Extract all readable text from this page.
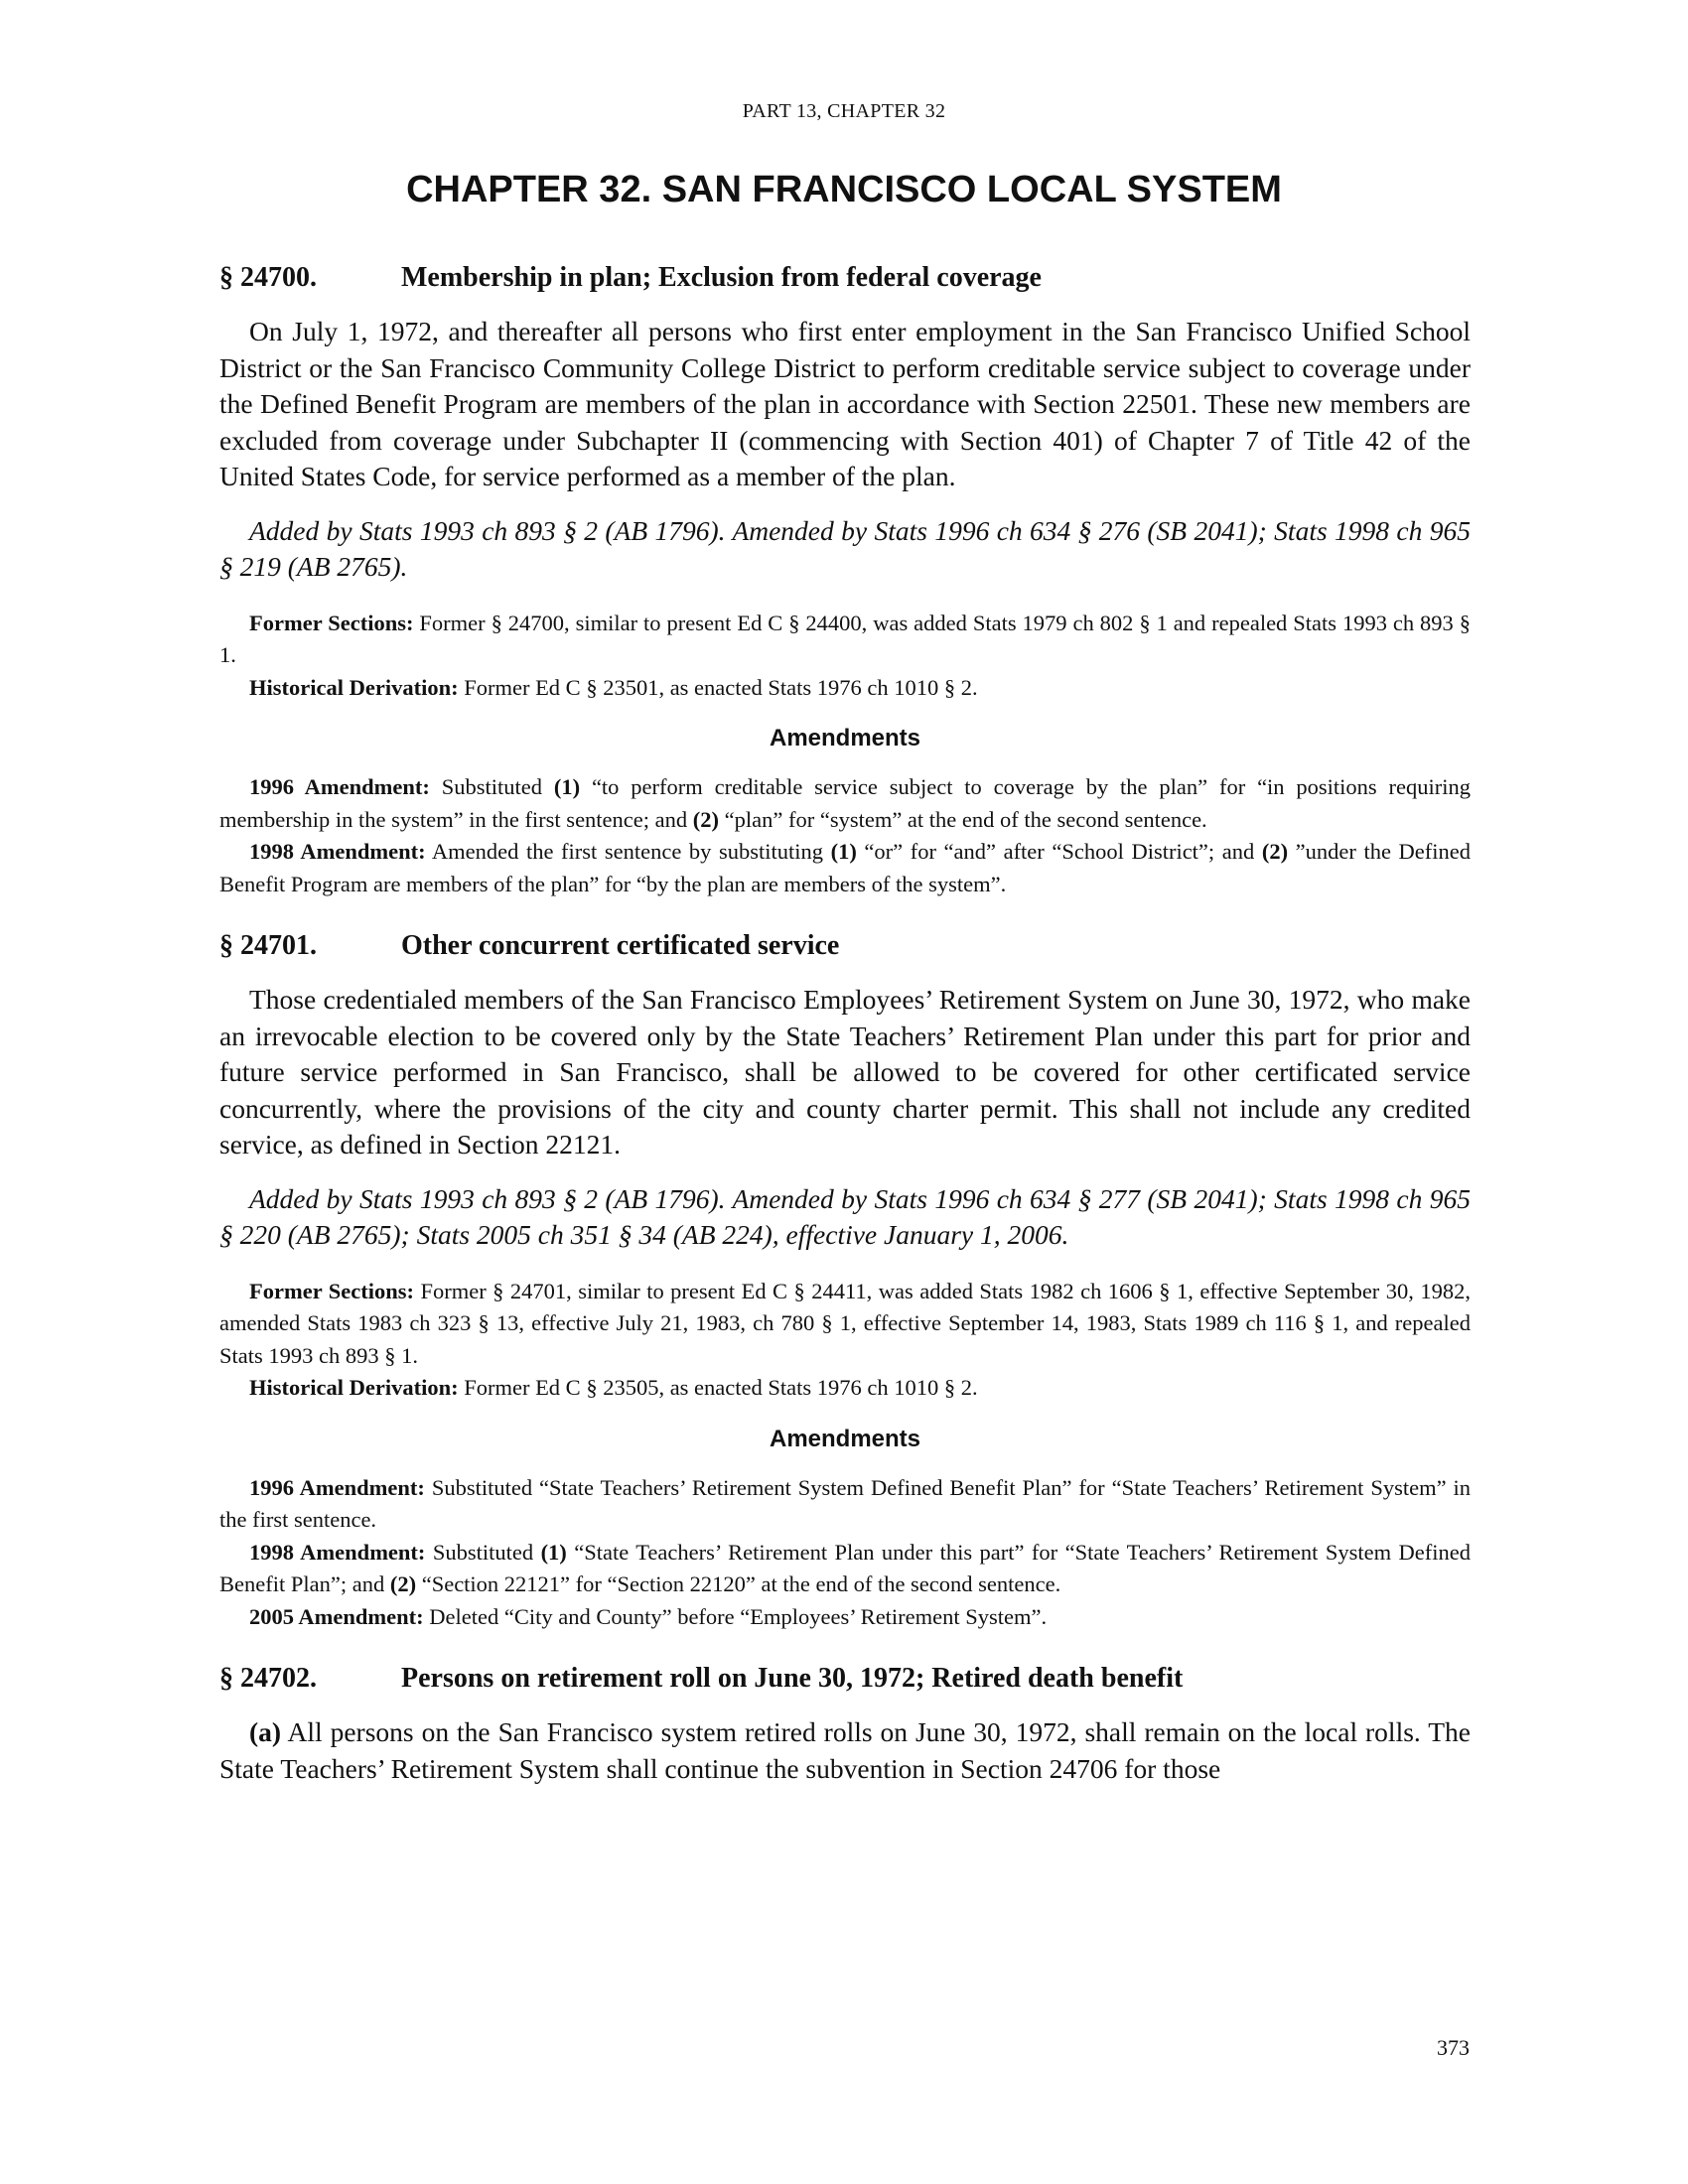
PART 13, CHAPTER 32
CHAPTER 32. SAN FRANCISCO LOCAL SYSTEM
§ 24700.	Membership in plan; Exclusion from federal coverage

On July 1, 1972, and thereafter all persons who first enter employment in the San Francisco Unified School District or the San Francisco Community College District to perform creditable service subject to coverage under the Defined Benefit Program are members of the plan in accordance with Section 22501. These new members are excluded from coverage under Subchapter II (commencing with Section 401) of Chapter 7 of Title 42 of the United States Code, for service performed as a member of the plan.

Added by Stats 1993 ch 893 § 2 (AB 1796). Amended by Stats 1996 ch 634 § 276 (SB 2041); Stats 1998 ch 965 § 219 (AB 2765).

Former Sections: Former § 24700, similar to present Ed C § 24400, was added Stats 1979 ch 802 § 1 and repealed Stats 1993 ch 893 § 1.

Historical Derivation: Former Ed C § 23501, as enacted Stats 1976 ch 1010 § 2.

Amendments

1996 Amendment: Substituted (1) “to perform creditable service subject to coverage by the plan” for “in positions requiring membership in the system” in the first sentence; and (2) “plan” for “system” at the end of the second sentence.

1998 Amendment: Amended the first sentence by substituting (1) “or” for “and” after “School District”; and (2) ”under the Defined Benefit Program are members of the plan” for “by the plan are members of the system”.

§ 24701.	Other concurrent certificated service

Those credentialed members of the San Francisco Employees’ Retirement System on June 30, 1972, who make an irrevocable election to be covered only by the State Teachers’ Retirement Plan under this part for prior and future service performed in San Francisco, shall be allowed to be covered for other certificated service concurrently, where the provisions of the city and county charter permit. This shall not include any credited service, as defined in Section 22121.

Added by Stats 1993 ch 893 § 2 (AB 1796). Amended by Stats 1996 ch 634 § 277 (SB 2041); Stats 1998 ch 965 § 220 (AB 2765); Stats 2005 ch 351 § 34 (AB 224), effective January 1, 2006.

Former Sections: Former § 24701, similar to present Ed C § 24411, was added Stats 1982 ch 1606 § 1, effective September 30, 1982, amended Stats 1983 ch 323 § 13, effective July 21, 1983, ch 780 § 1, effective September 14, 1983, Stats 1989 ch 116 § 1, and repealed Stats 1993 ch 893 § 1.

Historical Derivation: Former Ed C § 23505, as enacted Stats 1976 ch 1010 § 2.

Amendments

1996 Amendment: Substituted “State Teachers’ Retirement System Defined Benefit Plan” for “State Teachers’ Retirement System” in the first sentence.

1998 Amendment: Substituted (1) “State Teachers’ Retirement Plan under this part” for “State Teachers’ Retirement System Defined Benefit Plan”; and (2) “Section 22121” for “Section 22120” at the end of the second sentence.

2005 Amendment: Deleted “City and County” before “Employees’ Retirement System”.

§ 24702.	Persons on retirement roll on June 30, 1972; Retired death benefit

(a) All persons on the San Francisco system retired rolls on June 30, 1972, shall remain on the local rolls. The State Teachers’ Retirement System shall continue the subvention in Section 24706 for those

373
